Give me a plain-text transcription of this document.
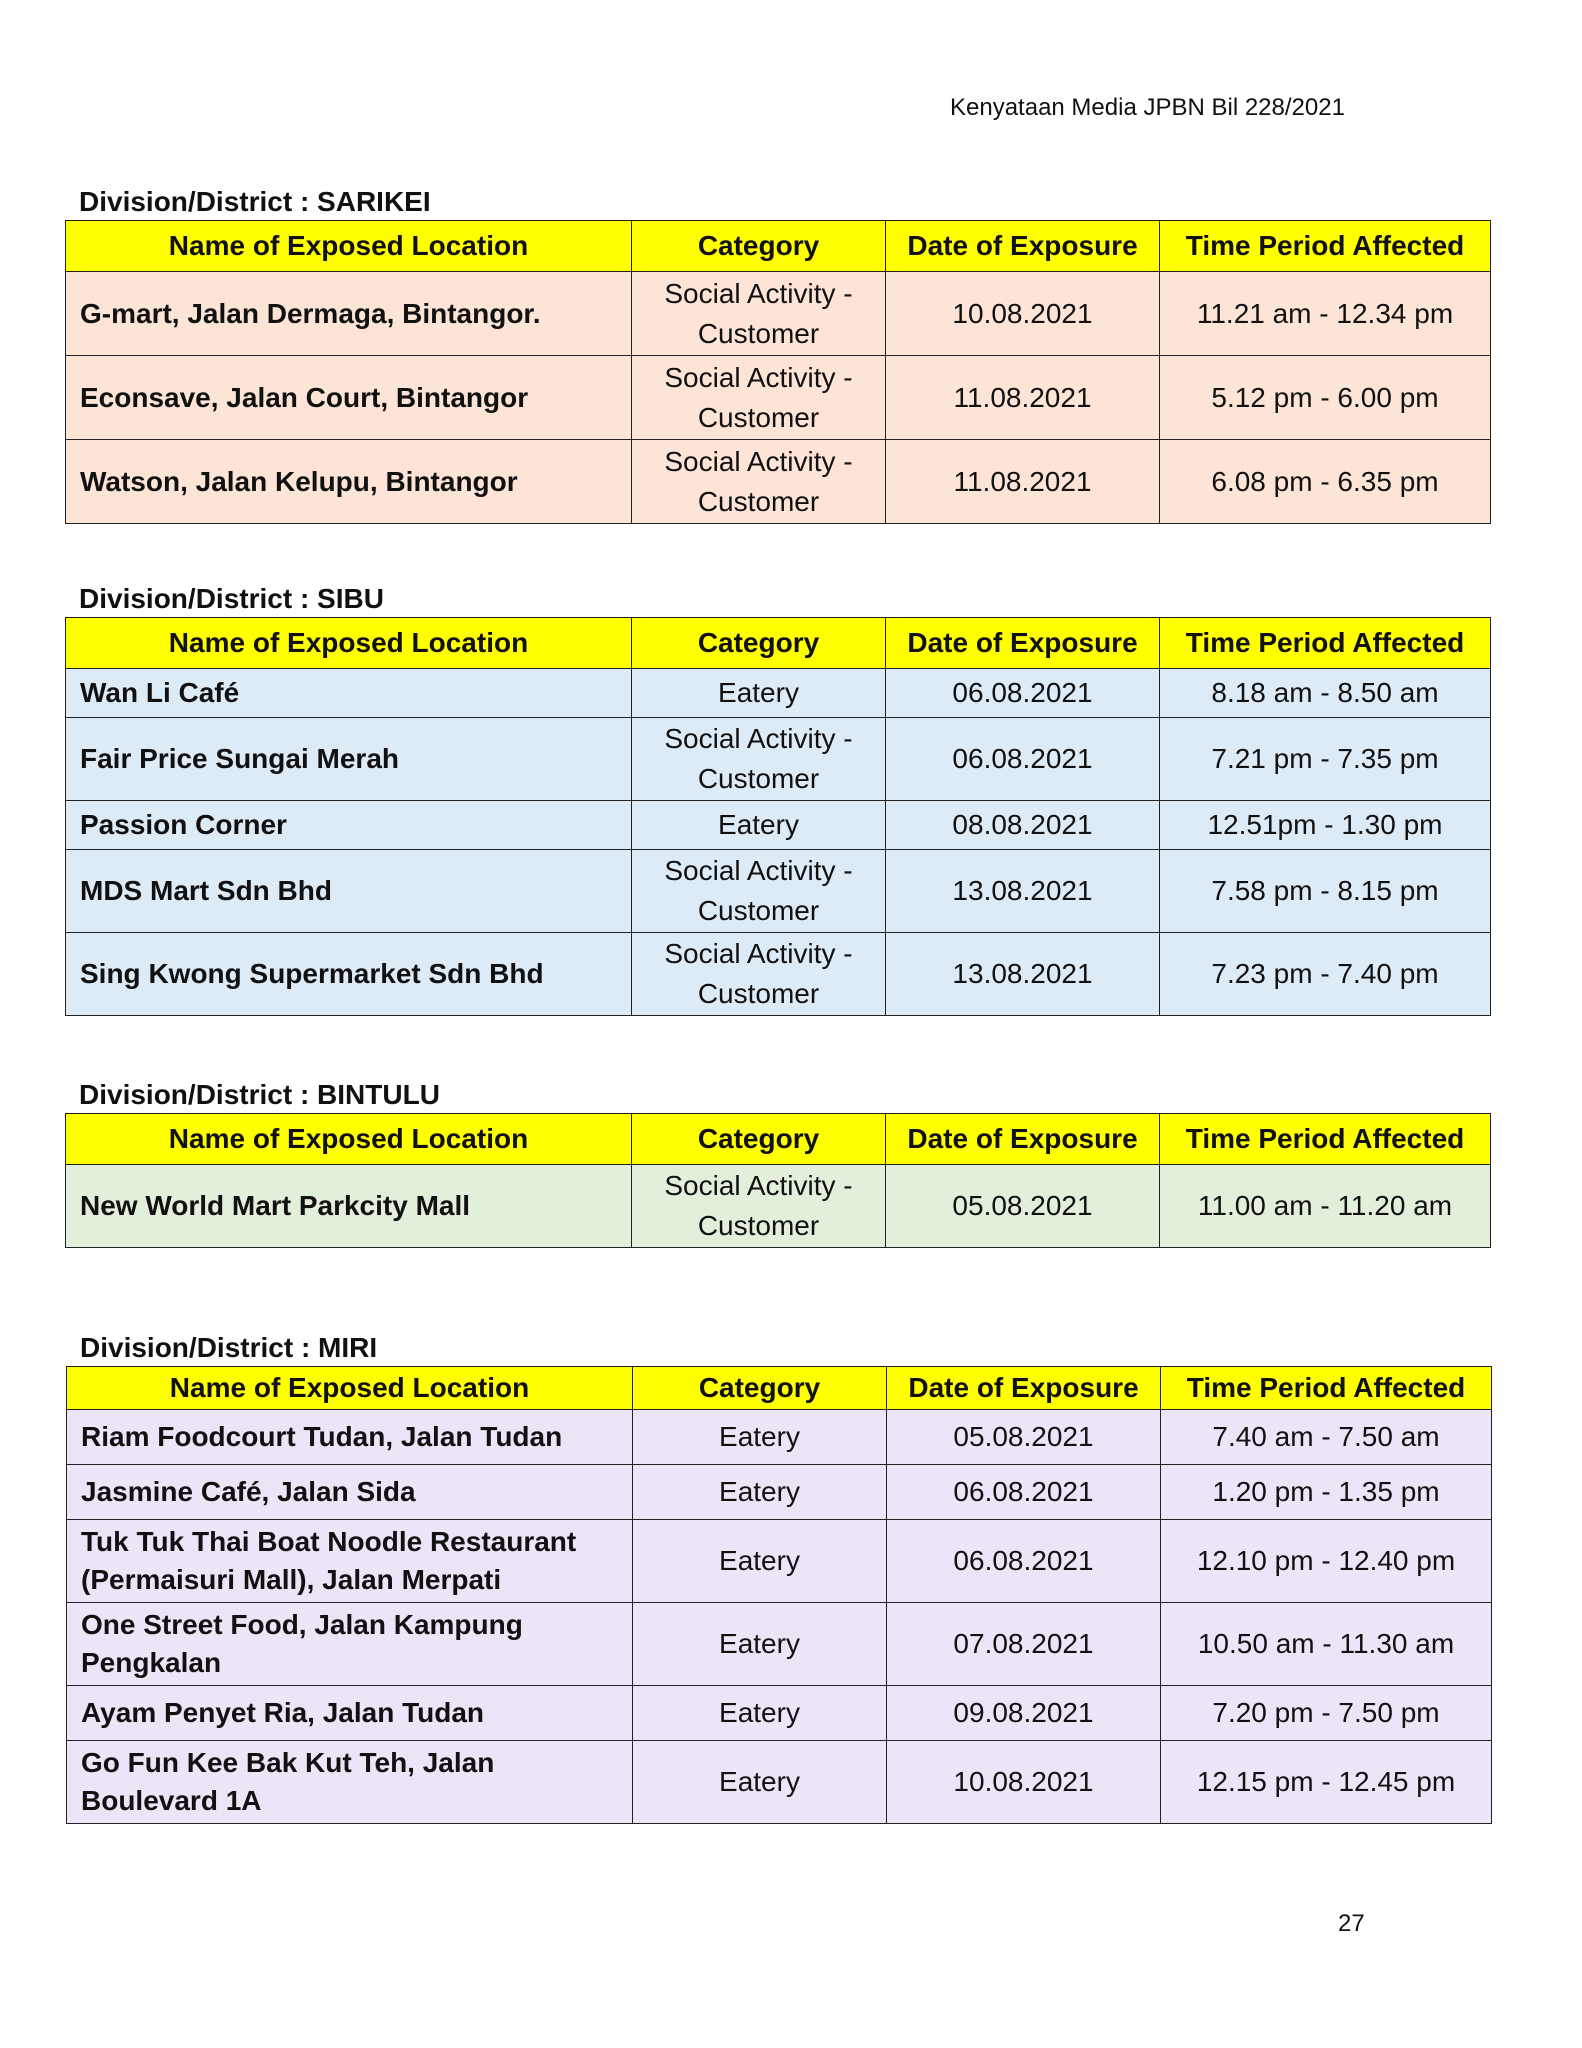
Kenyataan Media JPBN Bil 228/2021
Division/District : SARIKEI
Name of Exposed Location	Category	Date of Exposure	Time Period Affected
G-mart, Jalan Dermaga, Bintangor.	Social Activity - Customer	10.08.2021	11.21 am - 12.34 pm
Econsave, Jalan Court, Bintangor	Social Activity - Customer	11.08.2021	5.12 pm - 6.00 pm
Watson, Jalan Kelupu, Bintangor	Social Activity - Customer	11.08.2021	6.08 pm - 6.35 pm
Division/District : SIBU
Name of Exposed Location	Category	Date of Exposure	Time Period Affected
Wan Li Café	Eatery	06.08.2021	8.18 am - 8.50 am
Fair Price Sungai Merah	Social Activity - Customer	06.08.2021	7.21 pm - 7.35 pm
Passion Corner	Eatery	08.08.2021	12.51pm - 1.30 pm
MDS Mart Sdn Bhd	Social Activity - Customer	13.08.2021	7.58 pm - 8.15 pm
Sing Kwong Supermarket Sdn Bhd	Social Activity - Customer	13.08.2021	7.23 pm - 7.40 pm
Division/District : BINTULU
Name of Exposed Location	Category	Date of Exposure	Time Period Affected
New World Mart Parkcity Mall	Social Activity - Customer	05.08.2021	11.00 am - 11.20 am
Division/District : MIRI
Name of Exposed Location	Category	Date of Exposure	Time Period Affected
Riam Foodcourt Tudan, Jalan Tudan	Eatery	05.08.2021	7.40 am - 7.50 am
Jasmine Café, Jalan Sida	Eatery	06.08.2021	1.20 pm - 1.35 pm
Tuk Tuk Thai Boat Noodle Restaurant (Permaisuri Mall), Jalan Merpati	Eatery	06.08.2021	12.10 pm - 12.40 pm
One Street Food, Jalan Kampung Pengkalan	Eatery	07.08.2021	10.50 am - 11.30 am
Ayam Penyet Ria, Jalan Tudan	Eatery	09.08.2021	7.20 pm - 7.50 pm
Go Fun Kee Bak Kut Teh, Jalan Boulevard 1A	Eatery	10.08.2021	12.15 pm - 12.45 pm
27
